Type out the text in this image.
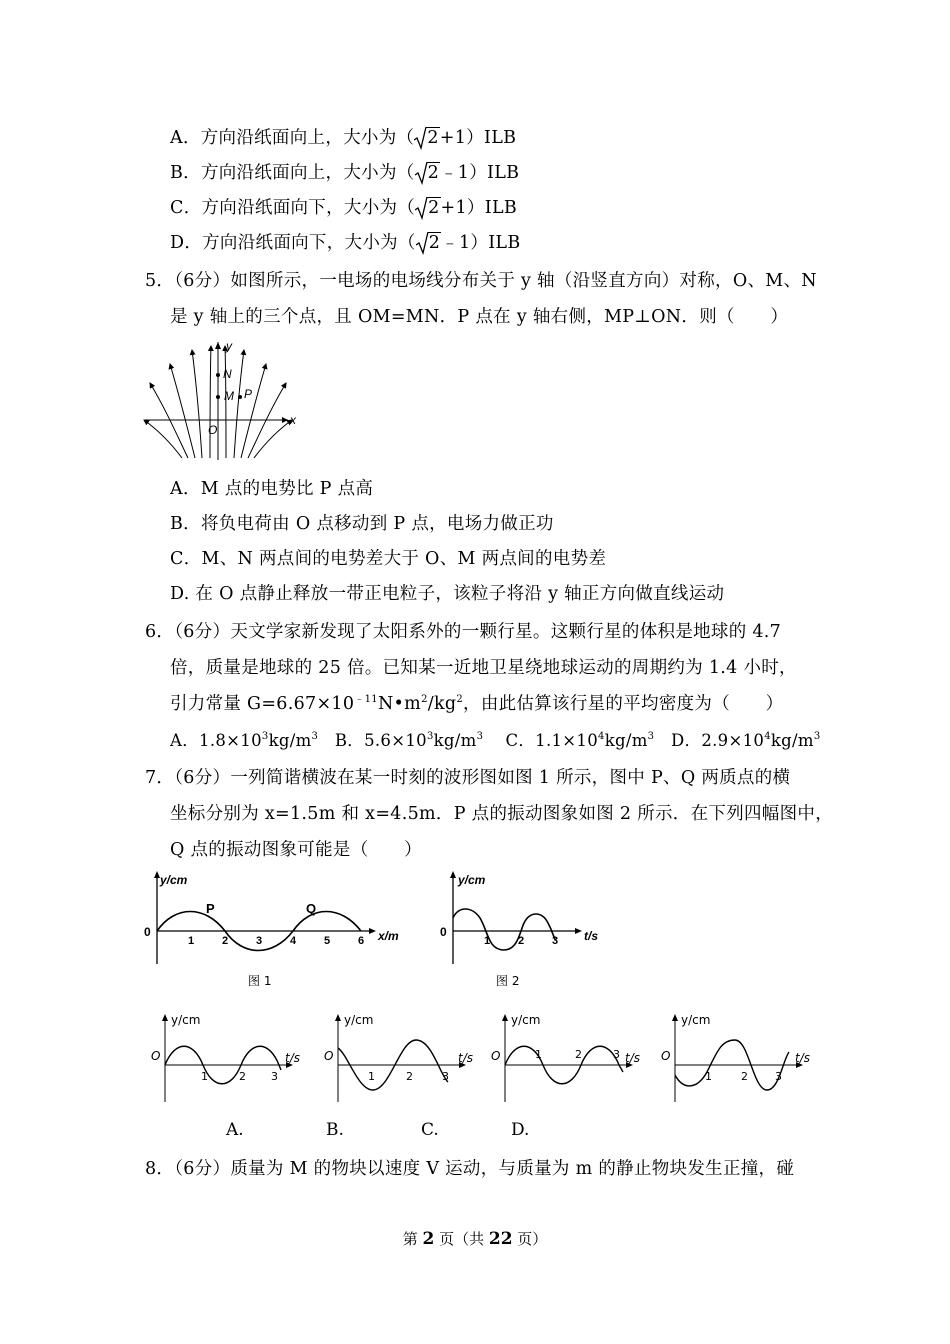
A．方向沿纸面向上，大小为（ 2+1）ILB
B．方向沿纸面向上，大小为（ 2﹣1）ILB
C．方向沿纸面向下，大小为（ 2+1）ILB
D．方向沿纸面向下，大小为（ 2﹣1）ILB
5．（6分）如图所示，一电场的电场线分布关于 y 轴（沿竖直方向）对称，O、M、N
是 y 轴上的三个点，且 OM=MN．P 点在 y 轴右侧，MP⊥ON．则（　　）
y
x
N
M P
O
A．M 点的电势比 P 点高
B．将负电荷由 O 点移动到 P 点，电场力做正功
C．M、N 两点间的电势差大于 O、M 两点间的电势差
D. 在 O 点静止释放一带正电粒子，该粒子将沿 y 轴正方向做直线运动
6．（6分）天文学家新发现了太阳系外的一颗行星。这颗行星的体积是地球的 4.7
倍，质量是地球的 25 倍。已知某一近地卫星绕地球运动的周期约为 1.4 小时，
引力常量 $G=6.67\times 10^{﹣11}N•m^2/kg^2$，由此估算该行星的平均密度为（　　）
A．$1.8\times 10^3kg/m^3$ B．$5.6\times 10^3kg/m^3$ C．$1.1\times 10^4kg/m^3$ D．$2.9\times 10^4kg/m^3$
7．（6分）一列简谐横波在某一时刻的波形图如图 1 所示，图中 P、Q 两质点的横
坐标分别为 x=1.5m 和 x=4.5m．P 点的振动图象如图 2 所示．在下列四幅图中，
Q 点的振动图象可能是（　　）
y/cm
x/m
0
P	Q
1	2	3	4	5	6
图 1
y/cm
t/s
0
1	2	3
图 2
y/cm
t/s
O
1	2 3
y/cm
t/s
O
1	2	3
y/cm
t/s
O	1	2	3
y/cm
t/s
O
1	2 3
A.	B.	C.	D.
8．（6分）质量为 M 的物块以速度 V 运动，与质量为 m 的静止物块发生正撞，碰
第 2 页（共 22 页）
